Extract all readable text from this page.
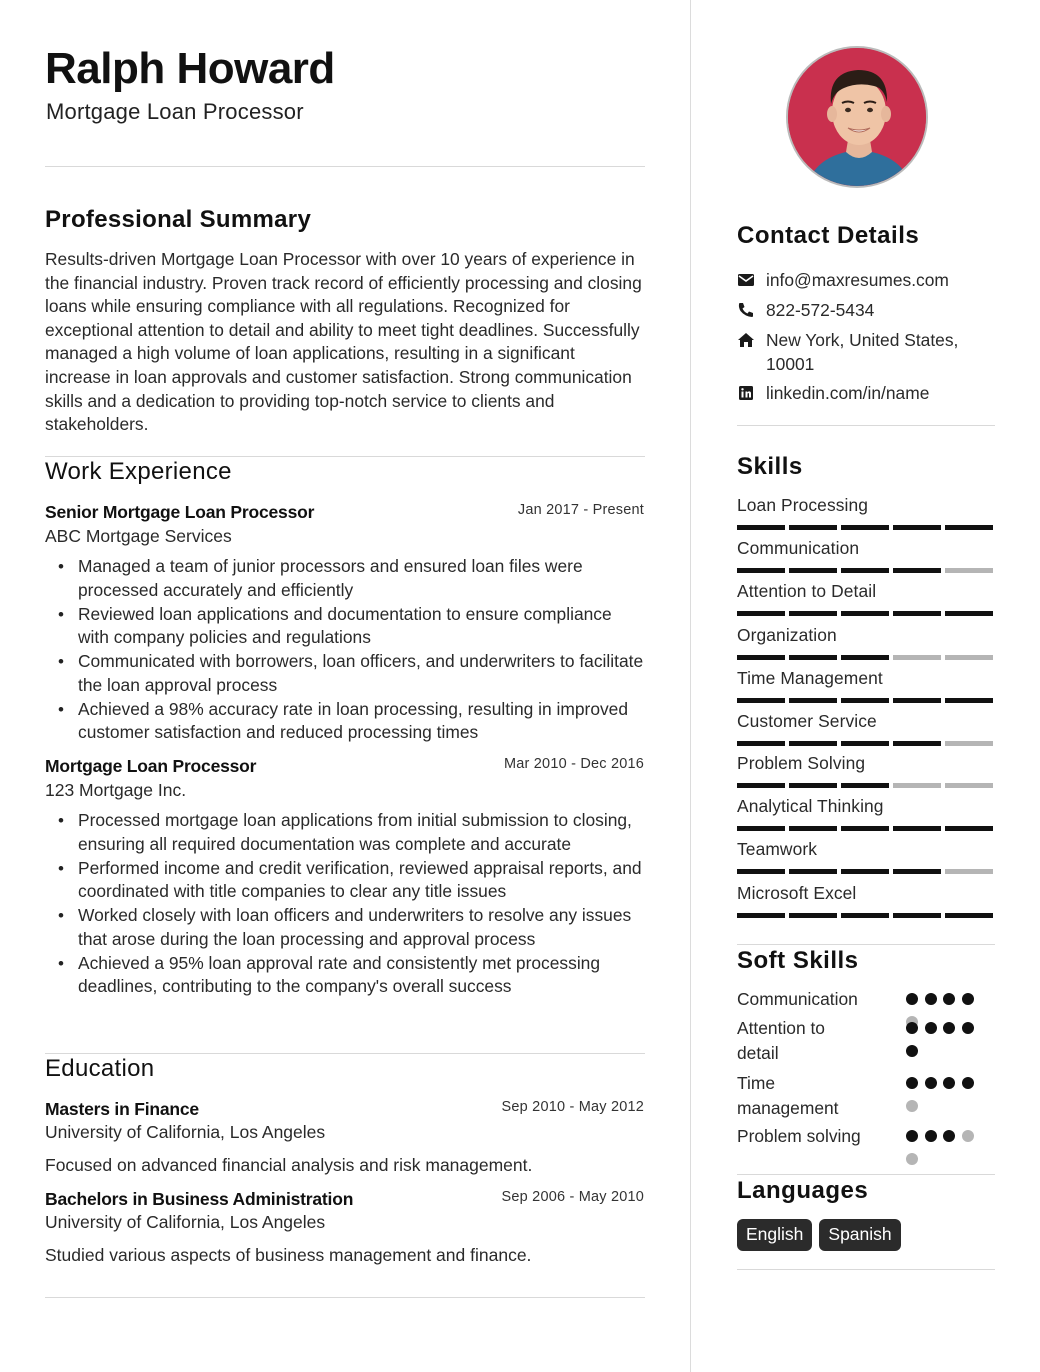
Ralph Howard
Mortgage Loan Processor
Professional Summary
Results-driven Mortgage Loan Processor with over 10 years of experience in the financial industry. Proven track record of efficiently processing and closing loans while ensuring compliance with all regulations. Recognized for exceptional attention to detail and ability to meet tight deadlines. Successfully managed a high volume of loan applications, resulting in a significant increase in loan approvals and customer satisfaction. Strong communication skills and a dedication to providing top-notch service to clients and stakeholders.
Work Experience
Senior Mortgage Loan Processor	Jan 2017 - Present
ABC Mortgage Services
• Managed a team of junior processors and ensured loan files were processed accurately and efficiently
• Reviewed loan applications and documentation to ensure compliance with company policies and regulations
• Communicated with borrowers, loan officers, and underwriters to facilitate the loan approval process
• Achieved a 98% accuracy rate in loan processing, resulting in improved customer satisfaction and reduced processing times
Mortgage Loan Processor	Mar 2010 - Dec 2016
123 Mortgage Inc.
• Processed mortgage loan applications from initial submission to closing, ensuring all required documentation was complete and accurate
• Performed income and credit verification, reviewed appraisal reports, and coordinated with title companies to clear any title issues
• Worked closely with loan officers and underwriters to resolve any issues that arose during the loan processing and approval process
• Achieved a 95% loan approval rate and consistently met processing deadlines, contributing to the company's overall success
Education
Masters in Finance	Sep 2010 - May 2012
University of California, Los Angeles
Focused on advanced financial analysis and risk management.
Bachelors in Business Administration	Sep 2006 - May 2010
University of California, Los Angeles
Studied various aspects of business management and finance.
Contact Details
info@maxresumes.com
822-572-5434
New York, United States,
10001
linkedin.com/in/name
Skills
Loan Processing
Communication
Attention to Detail
Organization
Time Management
Customer Service
Problem Solving
Analytical Thinking
Teamwork
Microsoft Excel
Soft Skills
Communication
Attention to detail
Time management
Problem solving
Languages
English	Spanish
